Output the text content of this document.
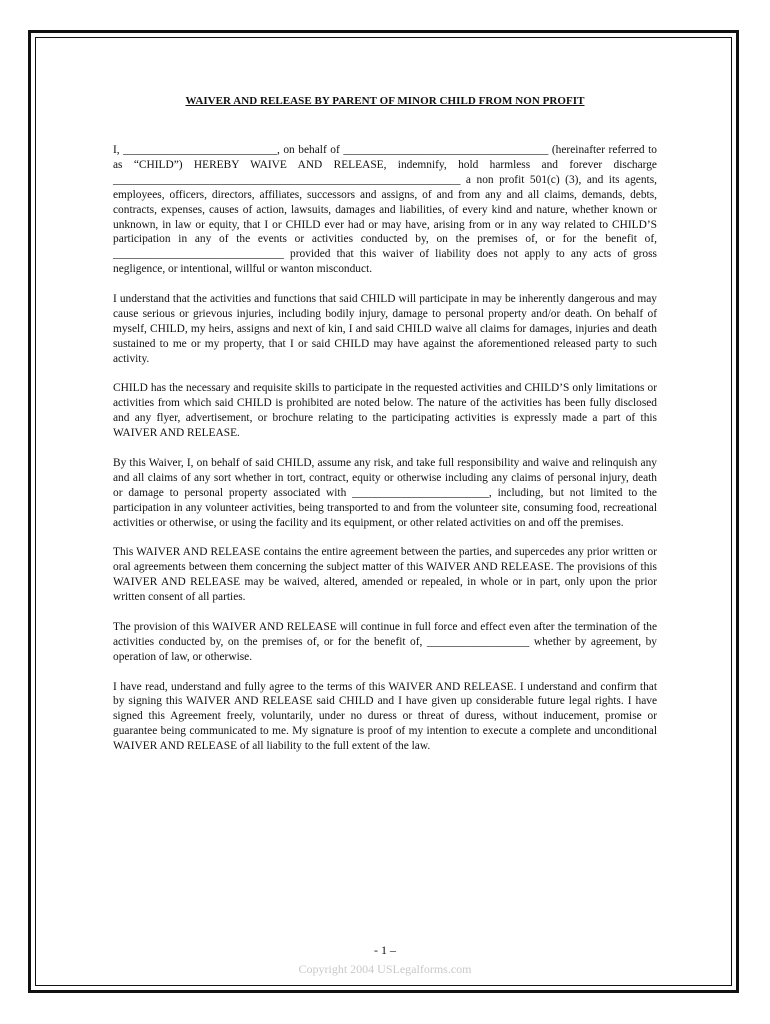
WAIVER AND RELEASE BY PARENT OF MINOR CHILD FROM NON PROFIT

I, ___________________________, on behalf of ____________________________________ (hereinafter referred to as “CHILD”) HEREBY WAIVE AND RELEASE, indemnify, hold harmless and forever discharge _____________________________________________________________ a non profit 501(c) (3), and its agents, employees, officers, directors, affiliates, successors and assigns, of and from any and all claims, demands, debts, contracts, expenses, causes of action, lawsuits, damages and liabilities, of every kind and nature, whether known or unknown, in law or equity, that I or CHILD ever had or may have, arising from or in any way related to CHILD’S participation in any of the events or activities conducted by, on the premises of, or for the benefit of, ______________________________ provided that this waiver of liability does not apply to any acts of gross negligence, or intentional, willful or wanton misconduct.

I understand that the activities and functions that said CHILD will participate in may be inherently dangerous and may cause serious or grievous injuries, including bodily injury, damage to personal property and/or death. On behalf of myself, CHILD, my heirs, assigns and next of kin, I and said CHILD waive all claims for damages, injuries and death sustained to me or my property, that I or said CHILD may have against the aforementioned released party to such activity.

CHILD has the necessary and requisite skills to participate in the requested activities and CHILD’S only limitations or activities from which said CHILD is prohibited are noted below. The nature of the activities has been fully disclosed and any flyer, advertisement, or brochure relating to the participating activities is expressly made a part of this WAIVER AND RELEASE.

By this Waiver, I, on behalf of said CHILD, assume any risk, and take full responsibility and waive and relinquish any and all claims of any sort whether in tort, contract, equity or otherwise including any claims of personal injury, death or damage to personal property associated with ________________________, including, but not limited to the participation in any volunteer activities, being transported to and from the volunteer site, consuming food, recreational activities or otherwise, or using the facility and its equipment, or other related activities on and off the premises.

This WAIVER AND RELEASE contains the entire agreement between the parties, and supercedes any prior written or oral agreements between them concerning the subject matter of this WAIVER AND RELEASE. The provisions of this WAIVER AND RELEASE may be waived, altered, amended or repealed, in whole or in part, only upon the prior written consent of all parties.

The provision of this WAIVER AND RELEASE will continue in full force and effect even after the termination of the activities conducted by, on the premises of, or for the benefit of, __________________ whether by agreement, by operation of law, or otherwise.

I have read, understand and fully agree to the terms of this WAIVER AND RELEASE. I understand and confirm that by signing this WAIVER AND RELEASE said CHILD and I have given up considerable future legal rights. I have signed this Agreement freely, voluntarily, under no duress or threat of duress, without inducement, promise or guarantee being communicated to me. My signature is proof of my intention to execute a complete and unconditional WAIVER AND RELEASE of all liability to the full extent of the law.

- 1 –
Copyright 2004 USLegalforms.com
